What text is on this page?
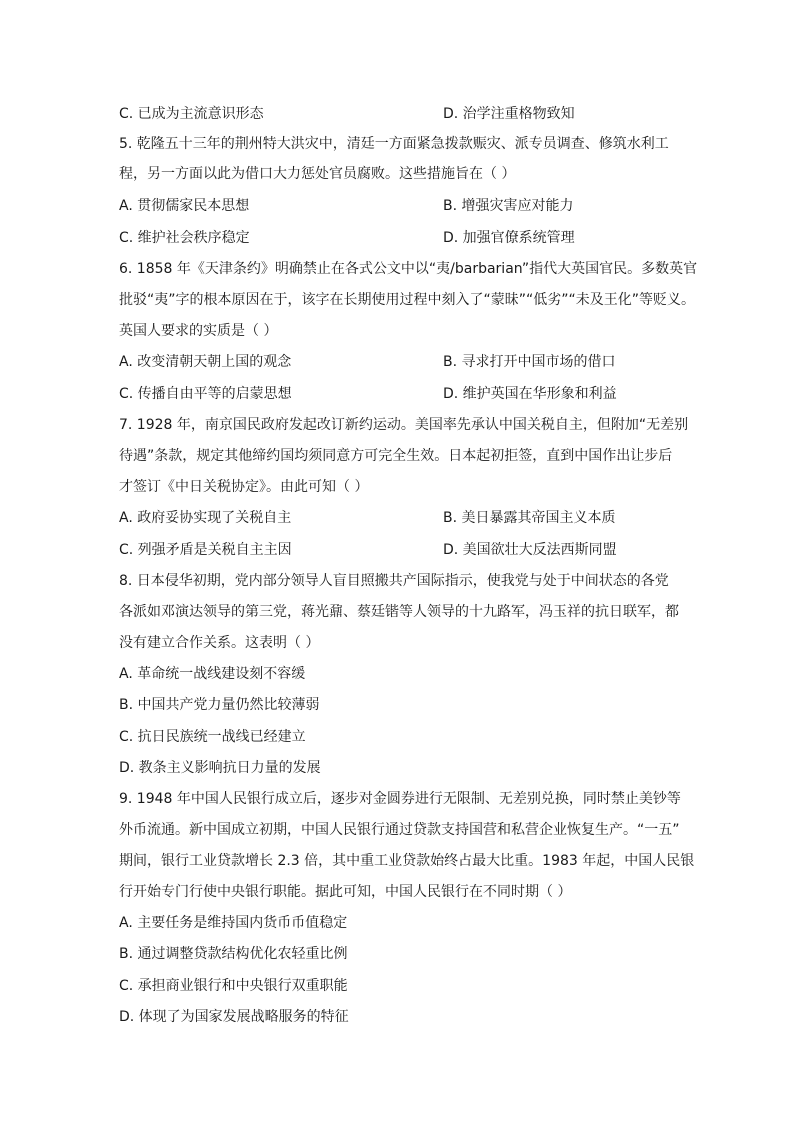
C. 已成为主流意识形态	D. 治学注重格物致知
5. 乾隆五十三年的荆州特大洪灾中，清廷一方面紧急拨款赈灾、派专员调查、修筑水利工
程，另一方面以此为借口大力惩处官员腐败。这些措施旨在（ ）
A. 贯彻儒家民本思想	B. 增强灾害应对能力
C. 维护社会秩序稳定	D. 加强官僚系统管理
6. 1858 年《天津条约》明确禁止在各式公文中以“夷/barbarian”指代大英国官民。多数英官
批驳“夷”字的根本原因在于，该字在长期使用过程中刻入了“蒙昧”“低劣”“未及王化”等贬义。
英国人要求的实质是（ ）
A. 改变清朝天朝上国的观念	B. 寻求打开中国市场的借口
C. 传播自由平等的启蒙思想	D. 维护英国在华形象和利益
7. 1928 年，南京国民政府发起改订新约运动。美国率先承认中国关税自主，但附加“无差别
待遇”条款，规定其他缔约国均须同意方可完全生效。日本起初拒签，直到中国作出让步后
才签订《中日关税协定》。由此可知（ ）
A. 政府妥协实现了关税自主	B. 美日暴露其帝国主义本质
C. 列强矛盾是关税自主主因	D. 美国欲壮大反法西斯同盟
8. 日本侵华初期，党内部分领导人盲目照搬共产国际指示，使我党与处于中间状态的各党
各派如邓演达领导的第三党，蒋光鼐、蔡廷锴等人领导的十九路军，冯玉祥的抗日联军，都
没有建立合作关系。这表明（ ）
A. 革命统一战线建设刻不容缓
B. 中国共产党力量仍然比较薄弱
C. 抗日民族统一战线已经建立
D. 教条主义影响抗日力量的发展
9. 1948 年中国人民银行成立后，逐步对金圆券进行无限制、无差别兑换，同时禁止美钞等
外币流通。新中国成立初期，中国人民银行通过贷款支持国营和私营企业恢复生产。“一五”
期间，银行工业贷款增长 2.3 倍，其中重工业贷款始终占最大比重。1983 年起，中国人民银
行开始专门行使中央银行职能。据此可知，中国人民银行在不同时期（ ）
A. 主要任务是维持国内货币币值稳定
B. 通过调整贷款结构优化农轻重比例
C. 承担商业银行和中央银行双重职能
D. 体现了为国家发展战略服务的特征
